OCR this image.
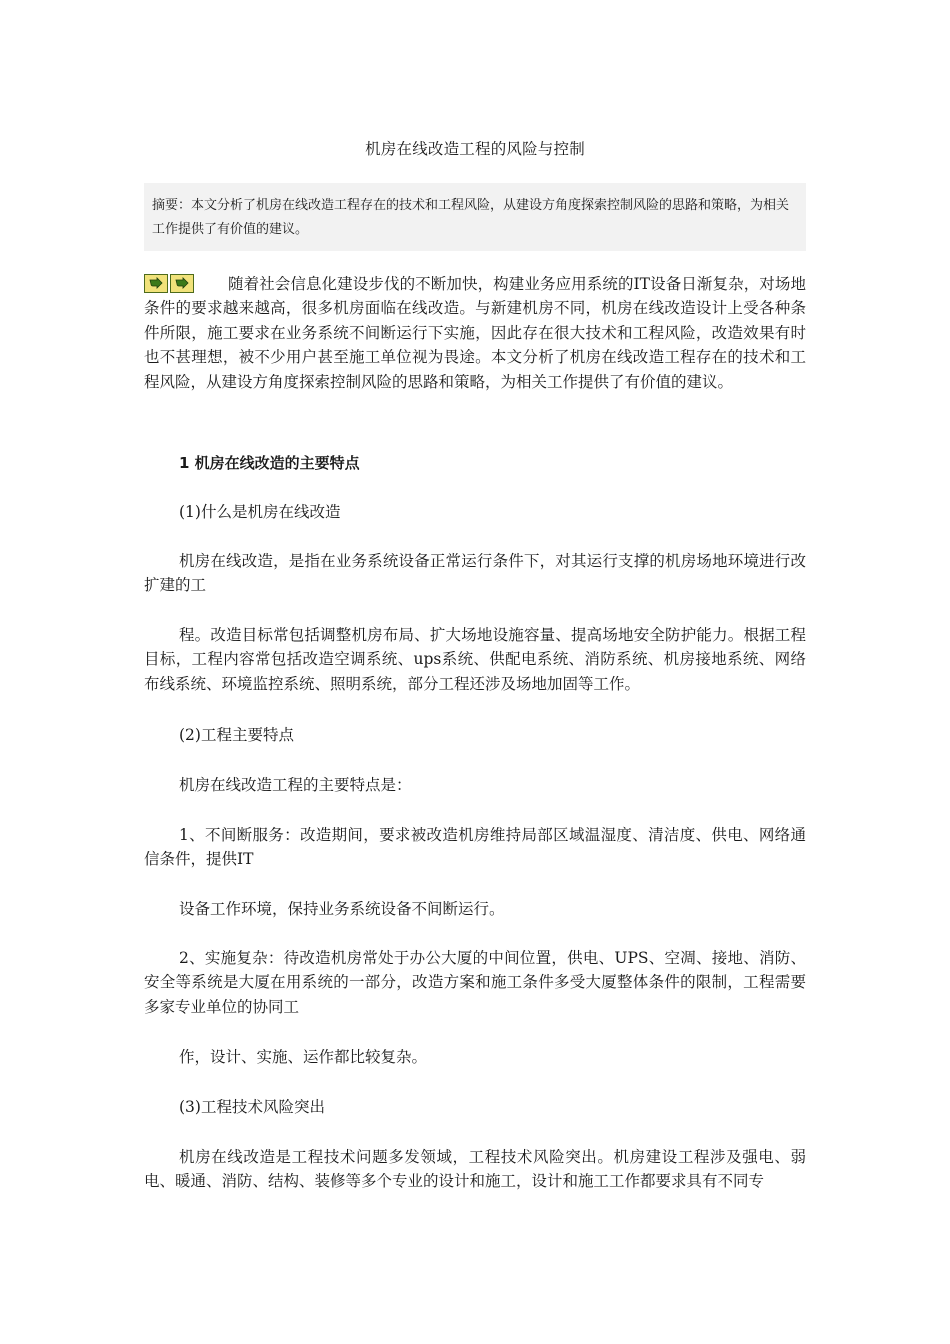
机房在线改造工程的风险与控制
摘要：本文分析了机房在线改造工程存在的技术和工程风险，从建设方角度探索控制风险的思路和策略，为相关工作提供了有价值的建议。

随着社会信息化建设步伐的不断加快，构建业务应用系统的IT设备日渐复杂，对场地条件的要求越来越高，很多机房面临在线改造。与新建机房不同，机房在线改造设计上受各种条件所限，施工要求在业务系统不间断运行下实施，因此存在很大技术和工程风险，改造效果有时也不甚理想，被不少用户甚至施工单位视为畏途。本文分析了机房在线改造工程存在的技术和工程风险，从建设方角度探索控制风险的思路和策略，为相关工作提供了有价值的建议。

1 机房在线改造的主要特点

(1)什么是机房在线改造

机房在线改造，是指在业务系统设备正常运行条件下，对其运行支撑的机房场地环境进行改扩建的工

程。改造目标常包括调整机房布局、扩大场地设施容量、提高场地安全防护能力。根据工程目标，工程内容常包括改造空调系统、ups系统、供配电系统、消防系统、机房接地系统、网络布线系统、环境监控系统、照明系统，部分工程还涉及场地加固等工作。

(2)工程主要特点

机房在线改造工程的主要特点是：

1、不间断服务：改造期间，要求被改造机房维持局部区域温湿度、清洁度、供电、网络通信条件，提供IT

设备工作环境，保持业务系统设备不间断运行。

2、实施复杂：待改造机房常处于办公大厦的中间位置，供电、UPS、空凋、接地、消防、安全等系统是大厦在用系统的一部分，改造方案和施工条件多受大厦整体条件的限制，工程需要多家专业单位的协同工

作，设计、实施、运作都比较复杂。

(3)工程技术风险突出

机房在线改造是工程技术问题多发领域，工程技术风险突出。机房建设工程涉及强电、弱电、暖通、消防、结构、装修等多个专业的设计和施工，设计和施工工作都要求具有不同专
